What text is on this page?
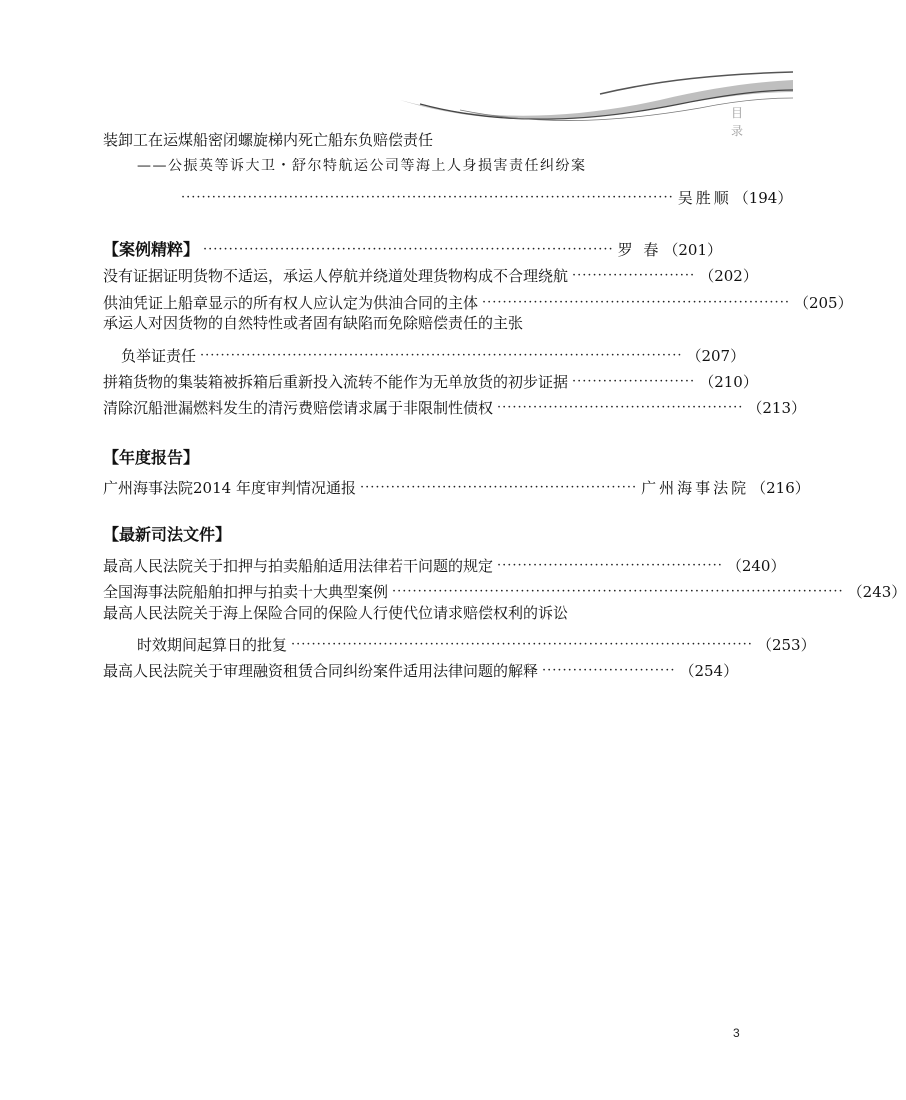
目录
装卸工在运煤船密闭螺旋梯内死亡船东负赔偿责任
——公振英等诉大卫・舒尔特航运公司等海上人身损害责任纠纷案
································································································ 吴胜顺 （194）
【案例精粹】 ················································································ 罗 春 （201）
没有证据证明货物不适运，承运人停航并绕道处理货物构成不合理绕航 ························ （202）
供油凭证上船章显示的所有权人应认定为供油合同的主体 ···························································· （205）
承运人对因货物的自然特性或者固有缺陷而免除赔偿责任的主张
负举证责任 ······························································································ （207）
拼箱货物的集装箱被拆箱后重新投入流转不能作为无单放货的初步证据 ························ （210）
清除沉船泄漏燃料发生的清污费赔偿请求属于非限制性债权 ················································ （213）
【年度报告】
广州海事法院2014 年度审判情况通报 ······················································ 广州海事法院 （216）
【最新司法文件】
最高人民法院关于扣押与拍卖船舶适用法律若干问题的规定 ············································ （240）
全国海事法院船舶扣押与拍卖十大典型案例 ························································································ （243）
最高人民法院关于海上保险合同的保险人行使代位请求赔偿权利的诉讼
时效期间起算日的批复 ·························································································· （253）
最高人民法院关于审理融资租赁合同纠纷案件适用法律问题的解释 ·························· （254）
3
